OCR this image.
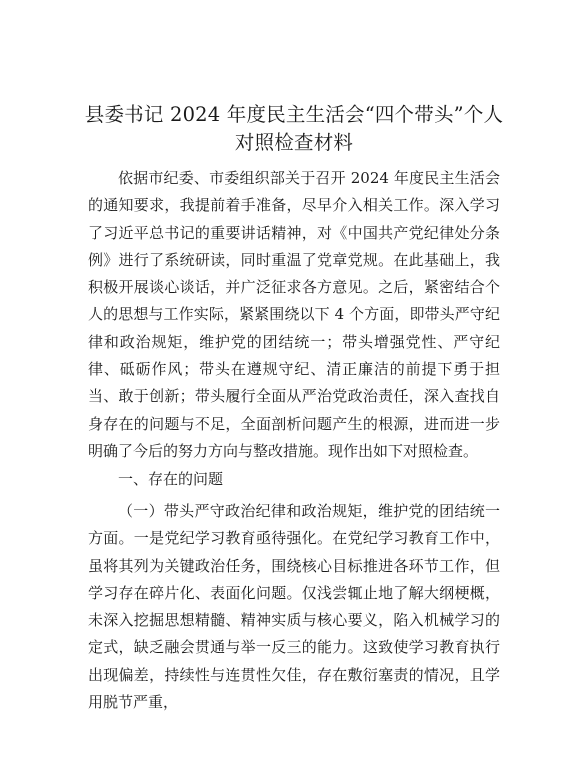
县委书记 2024 年度民主生活会“四个带头”个人对照检查材料

依据市纪委、市委组织部关于召开 2024 年度民主生活会的通知要求，我提前着手准备，尽早介入相关工作。深入学习了习近平总书记的重要讲话精神，对《中国共产党纪律处分条例》进行了系统研读，同时重温了党章党规。在此基础上，我积极开展谈心谈话，并广泛征求各方意见。之后，紧密结合个人的思想与工作实际，紧紧围绕以下 4 个方面，即带头严守纪律和政治规矩，维护党的团结统一；带头增强党性、严守纪律、砥砺作风；带头在遵规守纪、清正廉洁的前提下勇于担当、敢于创新；带头履行全面从严治党政治责任，深入查找自身存在的问题与不足，全面剖析问题产生的根源，进而进一步明确了今后的努力方向与整改措施。现作出如下对照检查。

一、存在的问题

（一）带头严守政治纪律和政治规矩，维护党的团结统一方面。一是党纪学习教育亟待强化。在党纪学习教育工作中，虽将其列为关键政治任务，围绕核心目标推进各环节工作，但学习存在碎片化、表面化问题。仅浅尝辄止地了解大纲梗概，未深入挖掘思想精髓、精神实质与核心要义，陷入机械学习的定式，缺乏融会贯通与举一反三的能力。这致使学习教育执行出现偏差，持续性与连贯性欠佳，存在敷衍塞责的情况，且学用脱节严重，
